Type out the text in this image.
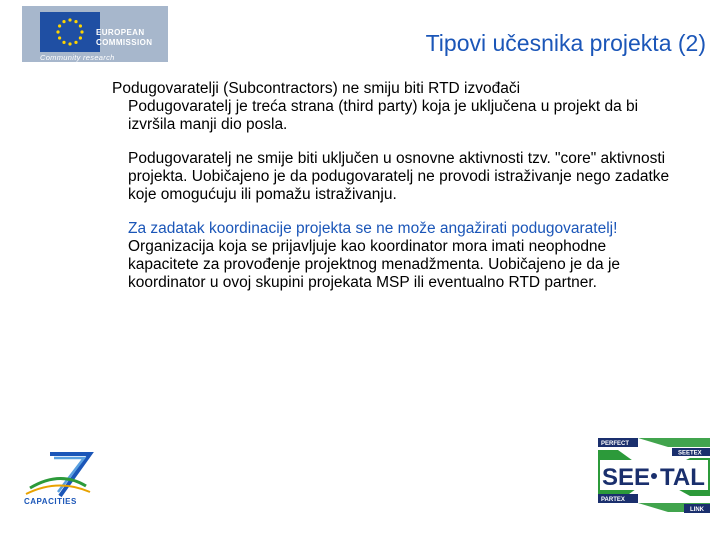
EUROPEAN
COMMISSION
Community research
Tipovi učesnika projekta (2)
Podugovaratelji (Subcontractors) ne smiju biti RTD izvođači
Podugovaratelj je treća strana (third party) koja je uključena u projekt da bi izvršila manji dio posla.
Podugovaratelj ne smije biti uključen u osnovne aktivnosti tzv. "core" aktivnosti projekta. Uobičajeno je da podugovaratelj ne provodi istraživanje nego zadatke koje omogućuju ili pomažu istraživanju.
Za zadatak koordinacije projekta se ne može angažirati podugovaratelj!
Organizacija koja se prijavljuje kao koordinator mora imati neophodne kapacitete za provođenje projektnog menadžmenta. Uobičajeno je da je koordinator u ovoj skupini projekata MSP ili eventualno RTD partner.
CAPACITIES
PERFECT
SEETEX
SEE TAL
PARTEX
LINK
